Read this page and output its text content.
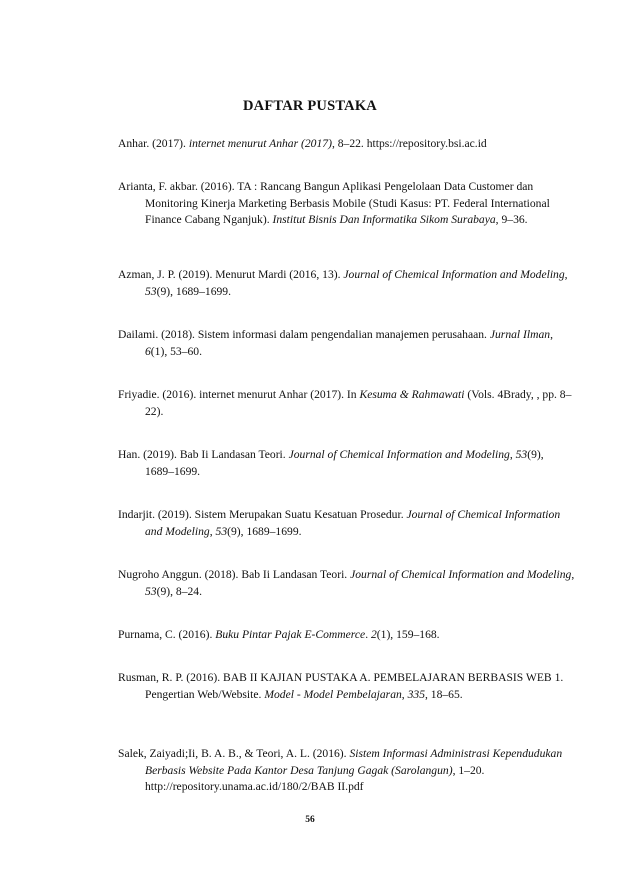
DAFTAR PUSTAKA
Anhar. (2017). internet menurut Anhar (2017), 8–22. https://repository.bsi.ac.id
Arianta, F. akbar. (2016). TA : Rancang Bangun Aplikasi Pengelolaan Data Customer dan Monitoring Kinerja Marketing Berbasis Mobile (Studi Kasus: PT. Federal International Finance Cabang Nganjuk). Institut Bisnis Dan Informatika Sikom Surabaya, 9–36.
Azman, J. P. (2019). Menurut Mardi (2016, 13). Journal of Chemical Information and Modeling, 53(9), 1689–1699.
Dailami. (2018). Sistem informasi dalam pengendalian manajemen perusahaan. Jurnal Ilman, 6(1), 53–60.
Friyadie. (2016). internet menurut Anhar (2017). In Kesuma & Rahmawati (Vols. 4Brady, , pp. 8–22).
Han. (2019). Bab Ii Landasan Teori. Journal of Chemical Information and Modeling, 53(9), 1689–1699.
Indarjit. (2019). Sistem Merupakan Suatu Kesatuan Prosedur. Journal of Chemical Information and Modeling, 53(9), 1689–1699.
Nugroho Anggun. (2018). Bab Ii Landasan Teori. Journal of Chemical Information and Modeling, 53(9), 8–24.
Purnama, C. (2016). Buku Pintar Pajak E-Commerce. 2(1), 159–168.
Rusman, R. P. (2016). BAB II KAJIAN PUSTAKA A. PEMBELAJARAN BERBASIS WEB 1. Pengertian Web/Website. Model - Model Pembelajaran, 335, 18–65.
Salek, Zaiyadi;Ii, B. A. B., & Teori, A. L. (2016). Sistem Informasi Administrasi Kependudukan Berbasis Website Pada Kantor Desa Tanjung Gagak (Sarolangun), 1–20. http://repository.unama.ac.id/180/2/BAB II.pdf
56
